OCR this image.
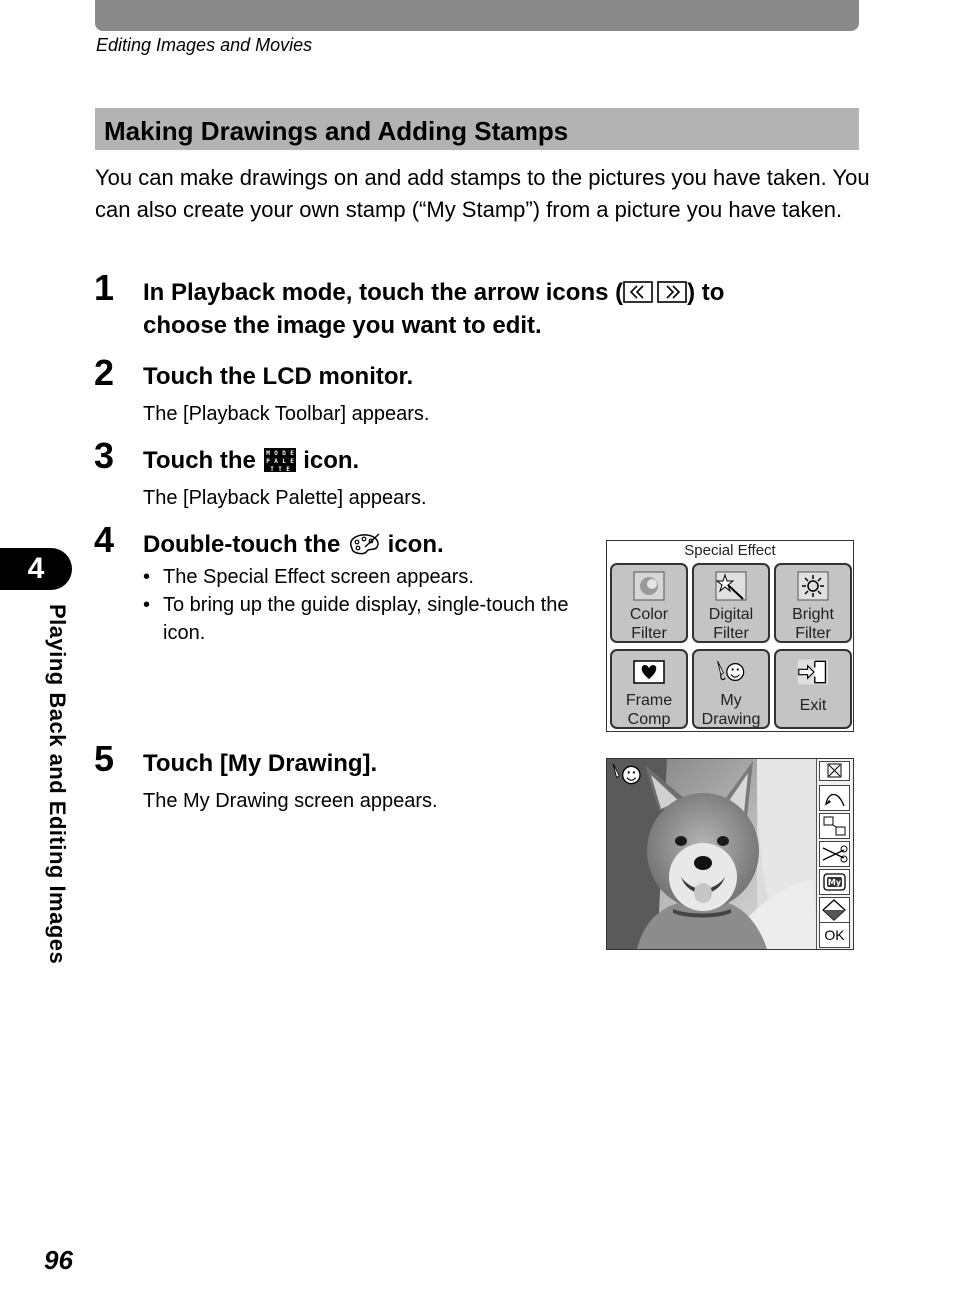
Editing Images and Movies
Making Drawings and Adding Stamps
You can make drawings on and add stamps to the pictures you have taken. You can also create your own stamp (“My Stamp”) from a picture you have taken.
1 In Playback mode, touch the arrow icons (	) to
choose the image you want to edit.
2 Touch the LCD monitor.
The [Playback Toolbar] appears.
3 Touch the M O D E
P A L E
T T E icon.
The [Playback Palette] appears.
4 Double-touch the  icon.
• The Special Effect screen appears.
• To bring up the guide display, single-touch the icon.
Special Effect
Color
Filter
Digital
Filter
Bright
Filter
Frame
Comp
My
Drawing
Exit
5 Touch [My Drawing].
The My Drawing screen appears.
My
OK
4
Playing Back and Editing Images
96
